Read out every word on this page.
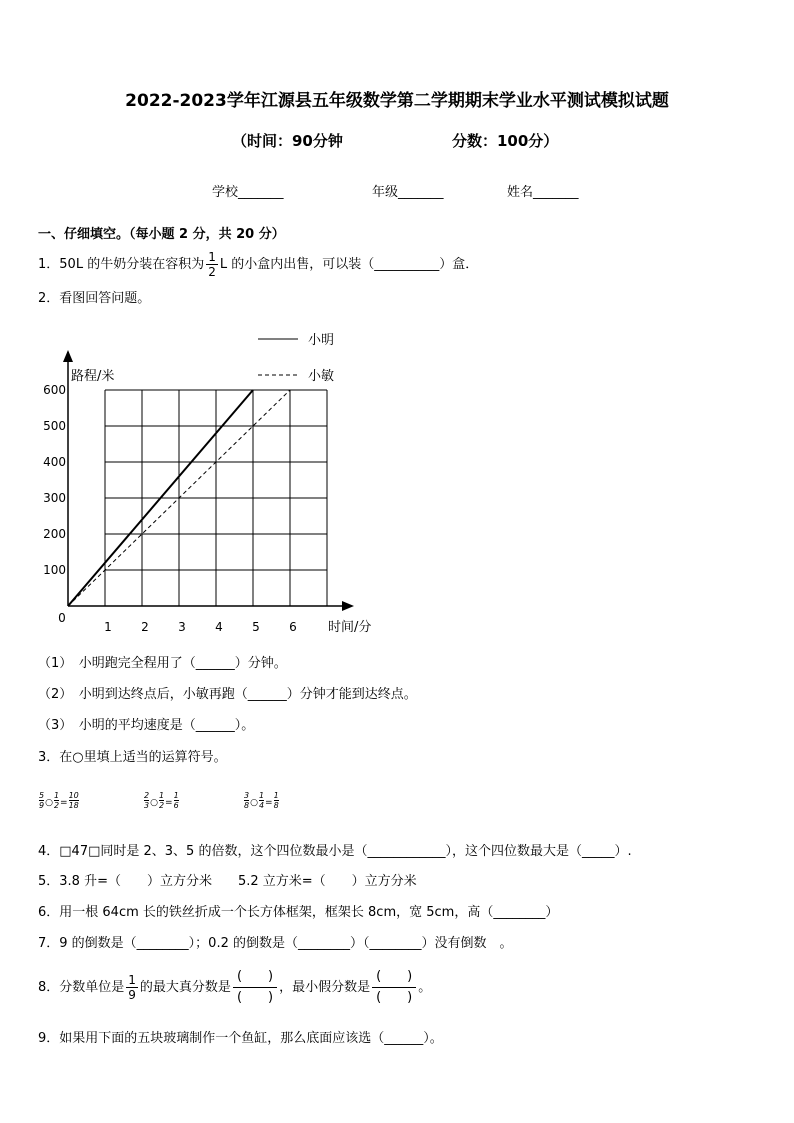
2022-2023学年江源县五年级数学第二学期期末学业水平测试模拟试题
（时间：90分钟	分数：100分）
学校_______	年级_______	姓名_______
一、仔细填空。（每小题 2 分，共 20 分）
1．50L 的牛奶分装在容积为 $\frac{1}{2}$ L 的小盒内出售，可以装（__________）盒．
2．看图回答问题。
小明
小敏
路程/米
时间/分
600
500
400
300
200
100
1 2 3 4 5 6
0
（1）　小明跑完全程用了（______）分钟。
（2）　小明到达终点后，小敏再跑（______）分钟才能到达终点。
（3）　小明的平均速度是（______）。
3．在○里填上适当的运算符号。
$\frac{5}{9}$ ○ $\frac{1}{2} = \frac{10}{18}$	$\frac{2}{3}$ ○ $\frac{1}{2} = \frac{1}{6}$	$\frac{3}{8}$ ○ $\frac{1}{4} = \frac{1}{8}$
4．□47□同时是 2、3、5 的倍数，这个四位数最小是（____________），这个四位数最大是（_____）.
5．3.8 升=（　　）立方分米　　5.2 立方米=（　　）立方分米
6．用一根 64cm 长的铁丝折成一个长方体框架，框架长 8cm，宽 5cm，高（________）
7．9 的倒数是（________）；0.2 的倒数是（________）（________）没有倒数　。
8．分数单位是 $\frac{1}{9}$ 的最大真分数是
(　　)
(　　)
，最小假分数是
(　　)
(　　)
。
9．如果用下面的五块玻璃制作一个鱼缸，那么底面应该选（______）。
